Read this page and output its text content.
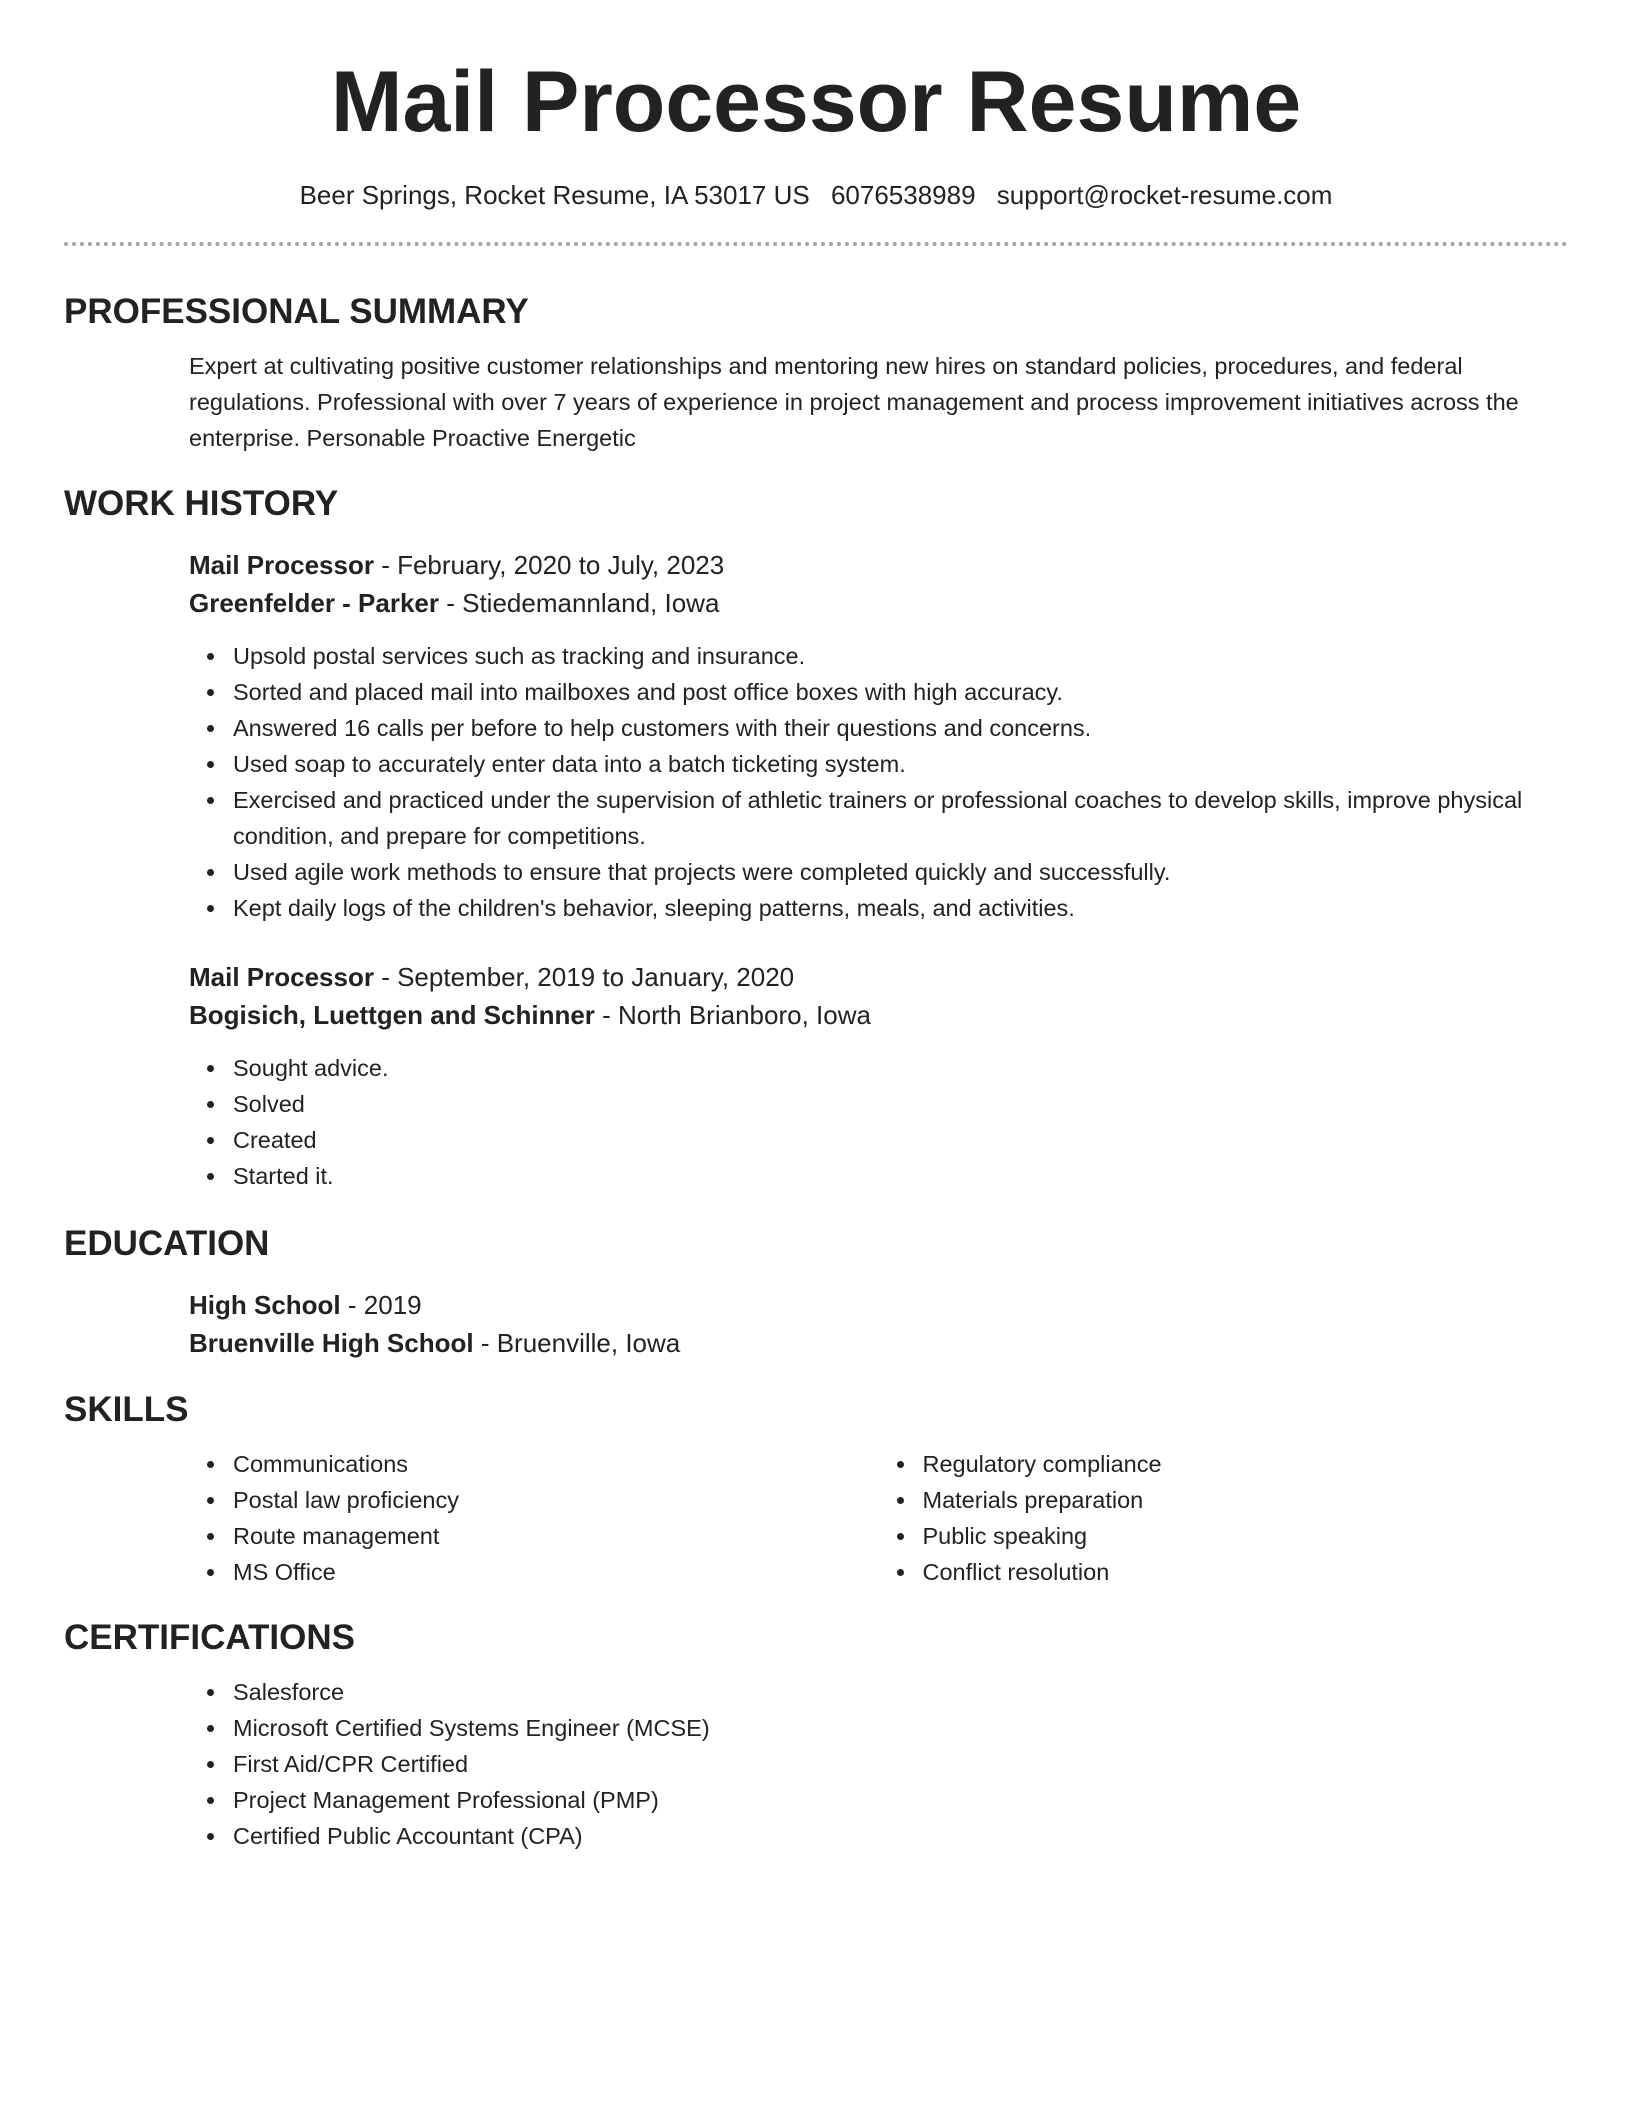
Mail Processor Resume
Beer Springs, Rocket Resume, IA 53017 US 6076538989 support@rocket-resume.com
PROFESSIONAL SUMMARY

Expert at cultivating positive customer relationships and mentoring new hires on standard policies, procedures, and federal regulations. Professional with over 7 years of experience in project management and process improvement initiatives across the enterprise. Personable Proactive Energetic

WORK HISTORY
Mail Processor - February, 2020 to July, 2023
Greenfelder - Parker - Stiedemannland, Iowa
Upsold postal services such as tracking and insurance.
Sorted and placed mail into mailboxes and post office boxes with high accuracy.
Answered 16 calls per before to help customers with their questions and concerns.
Used soap to accurately enter data into a batch ticketing system.
Exercised and practiced under the supervision of athletic trainers or professional coaches to develop skills, improve physical condition, and prepare for competitions.
Used agile work methods to ensure that projects were completed quickly and successfully.
Kept daily logs of the children's behavior, sleeping patterns, meals, and activities.
Mail Processor - September, 2019 to January, 2020
Bogisich, Luettgen and Schinner - North Brianboro, Iowa
Sought advice.
Solved
Created
Started it.
EDUCATION
High School - 2019
Bruenville High School - Bruenville, Iowa
SKILLS
Communications
Postal law proficiency
Route management
MS Office
Regulatory compliance
Materials preparation
Public speaking
Conflict resolution
CERTIFICATIONS
Salesforce
Microsoft Certified Systems Engineer (MCSE)
First Aid/CPR Certified
Project Management Professional (PMP)
Certified Public Accountant (CPA)
